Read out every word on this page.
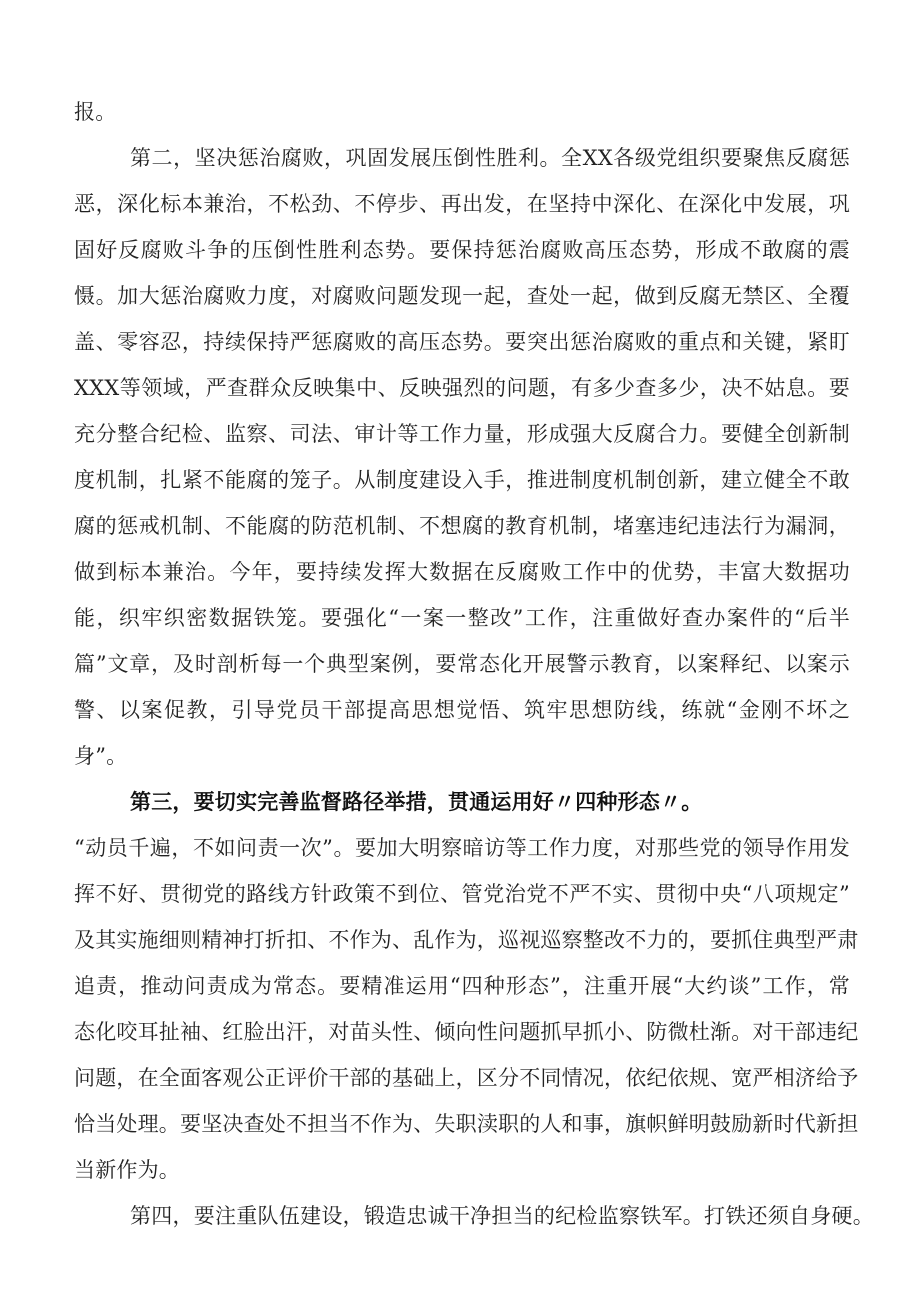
报。
第二，坚决惩治腐败，巩固发展压倒性胜利。全XX各级党组织要聚焦反腐惩
恶，深化标本兼治，不松劲、不停步、再出发，在坚持中深化、在深化中发展，巩
固好反腐败斗争的压倒性胜利态势。要保持惩治腐败高压态势，形成不敢腐的震
慑。加大惩治腐败力度，对腐败问题发现一起，查处一起，做到反腐无禁区、全覆
盖、零容忍，持续保持严惩腐败的高压态势。要突出惩治腐败的重点和关键，紧盯
XXX等领域，严查群众反映集中、反映强烈的问题，有多少查多少，决不姑息。要
充分整合纪检、监察、司法、审计等工作力量，形成强大反腐合力。要健全创新制
度机制，扎紧不能腐的笼子。从制度建设入手，推进制度机制创新，建立健全不敢
腐的惩戒机制、不能腐的防范机制、不想腐的教育机制，堵塞违纪违法行为漏洞，
做到标本兼治。今年，要持续发挥大数据在反腐败工作中的优势，丰富大数据功
能，织牢织密数据铁笼。要强化“一案一整改”工作，注重做好查办案件的“后半
篇”文章，及时剖析每一个典型案例，要常态化开展警示教育，以案释纪、以案示
警、以案促教，引导党员干部提高思想觉悟、筑牢思想防线，练就“金刚不坏之
身”。
第三，要切实完善监督路径举措，贯通运用好〃四种形态〃。
“动员千遍，不如问责一次”。要加大明察暗访等工作力度，对那些党的领导作用发
挥不好、贯彻党的路线方针政策不到位、管党治党不严不实、贯彻中央“八项规定”
及其实施细则精神打折扣、不作为、乱作为，巡视巡察整改不力的，要抓住典型严肃
追责，推动问责成为常态。要精准运用“四种形态”，注重开展“大约谈”工作，常
态化咬耳扯袖、红脸出汗，对苗头性、倾向性问题抓早抓小、防微杜渐。对干部违纪
问题，在全面客观公正评价干部的基础上，区分不同情况，依纪依规、宽严相济给予
恰当处理。要坚决查处不担当不作为、失职渎职的人和事，旗帜鲜明鼓励新时代新担
当新作为。
第四，要注重队伍建设，锻造忠诚干净担当的纪检监察铁军。打铁还须自身硬。
